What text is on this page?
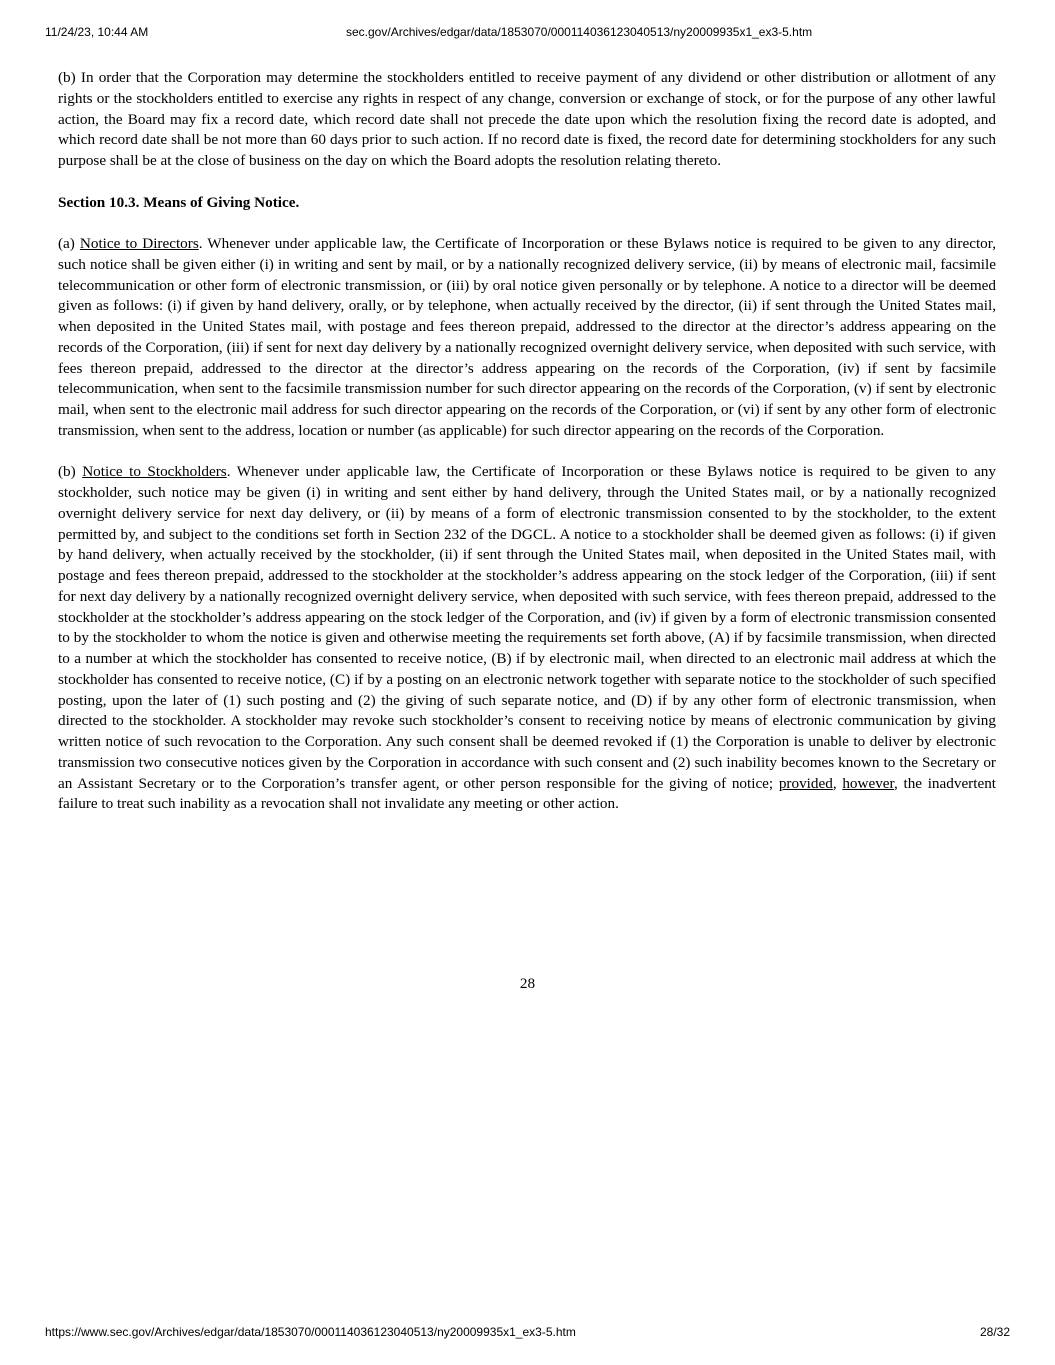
11/24/23, 10:44 AM	sec.gov/Archives/edgar/data/1853070/000114036123040513/ny20009935x1_ex3-5.htm

(b) In order that the Corporation may determine the stockholders entitled to receive payment of any dividend or other distribution or allotment of any rights or the stockholders entitled to exercise any rights in respect of any change, conversion or exchange of stock, or for the purpose of any other lawful action, the Board may fix a record date, which record date shall not precede the date upon which the resolution fixing the record date is adopted, and which record date shall be not more than 60 days prior to such action. If no record date is fixed, the record date for determining stockholders for any such purpose shall be at the close of business on the day on which the Board adopts the resolution relating thereto.

Section 10.3. Means of Giving Notice.

(a) Notice to Directors. Whenever under applicable law, the Certificate of Incorporation or these Bylaws notice is required to be given to any director, such notice shall be given either (i) in writing and sent by mail, or by a nationally recognized delivery service, (ii) by means of electronic mail, facsimile telecommunication or other form of electronic transmission, or (iii) by oral notice given personally or by telephone. A notice to a director will be deemed given as follows: (i) if given by hand delivery, orally, or by telephone, when actually received by the director, (ii) if sent through the United States mail, when deposited in the United States mail, with postage and fees thereon prepaid, addressed to the director at the director’s address appearing on the records of the Corporation, (iii) if sent for next day delivery by a nationally recognized overnight delivery service, when deposited with such service, with fees thereon prepaid, addressed to the director at the director’s address appearing on the records of the Corporation, (iv) if sent by facsimile telecommunication, when sent to the facsimile transmission number for such director appearing on the records of the Corporation, (v) if sent by electronic mail, when sent to the electronic mail address for such director appearing on the records of the Corporation, or (vi) if sent by any other form of electronic transmission, when sent to the address, location or number (as applicable) for such director appearing on the records of the Corporation.

(b) Notice to Stockholders. Whenever under applicable law, the Certificate of Incorporation or these Bylaws notice is required to be given to any stockholder, such notice may be given (i) in writing and sent either by hand delivery, through the United States mail, or by a nationally recognized overnight delivery service for next day delivery, or (ii) by means of a form of electronic transmission consented to by the stockholder, to the extent permitted by, and subject to the conditions set forth in Section 232 of the DGCL. A notice to a stockholder shall be deemed given as follows: (i) if given by hand delivery, when actually received by the stockholder, (ii) if sent through the United States mail, when deposited in the United States mail, with postage and fees thereon prepaid, addressed to the stockholder at the stockholder’s address appearing on the stock ledger of the Corporation, (iii) if sent for next day delivery by a nationally recognized overnight delivery service, when deposited with such service, with fees thereon prepaid, addressed to the stockholder at the stockholder’s address appearing on the stock ledger of the Corporation, and (iv) if given by a form of electronic transmission consented to by the stockholder to whom the notice is given and otherwise meeting the requirements set forth above, (A) if by facsimile transmission, when directed to a number at which the stockholder has consented to receive notice, (B) if by electronic mail, when directed to an electronic mail address at which the stockholder has consented to receive notice, (C) if by a posting on an electronic network together with separate notice to the stockholder of such specified posting, upon the later of (1) such posting and (2) the giving of such separate notice, and (D) if by any other form of electronic transmission, when directed to the stockholder. A stockholder may revoke such stockholder’s consent to receiving notice by means of electronic communication by giving written notice of such revocation to the Corporation. Any such consent shall be deemed revoked if (1) the Corporation is unable to deliver by electronic transmission two consecutive notices given by the Corporation in accordance with such consent and (2) such inability becomes known to the Secretary or an Assistant Secretary or to the Corporation’s transfer agent, or other person responsible for the giving of notice; provided, however, the inadvertent failure to treat such inability as a revocation shall not invalidate any meeting or other action.

28
https://www.sec.gov/Archives/edgar/data/1853070/000114036123040513/ny20009935x1_ex3-5.htm	28/32
